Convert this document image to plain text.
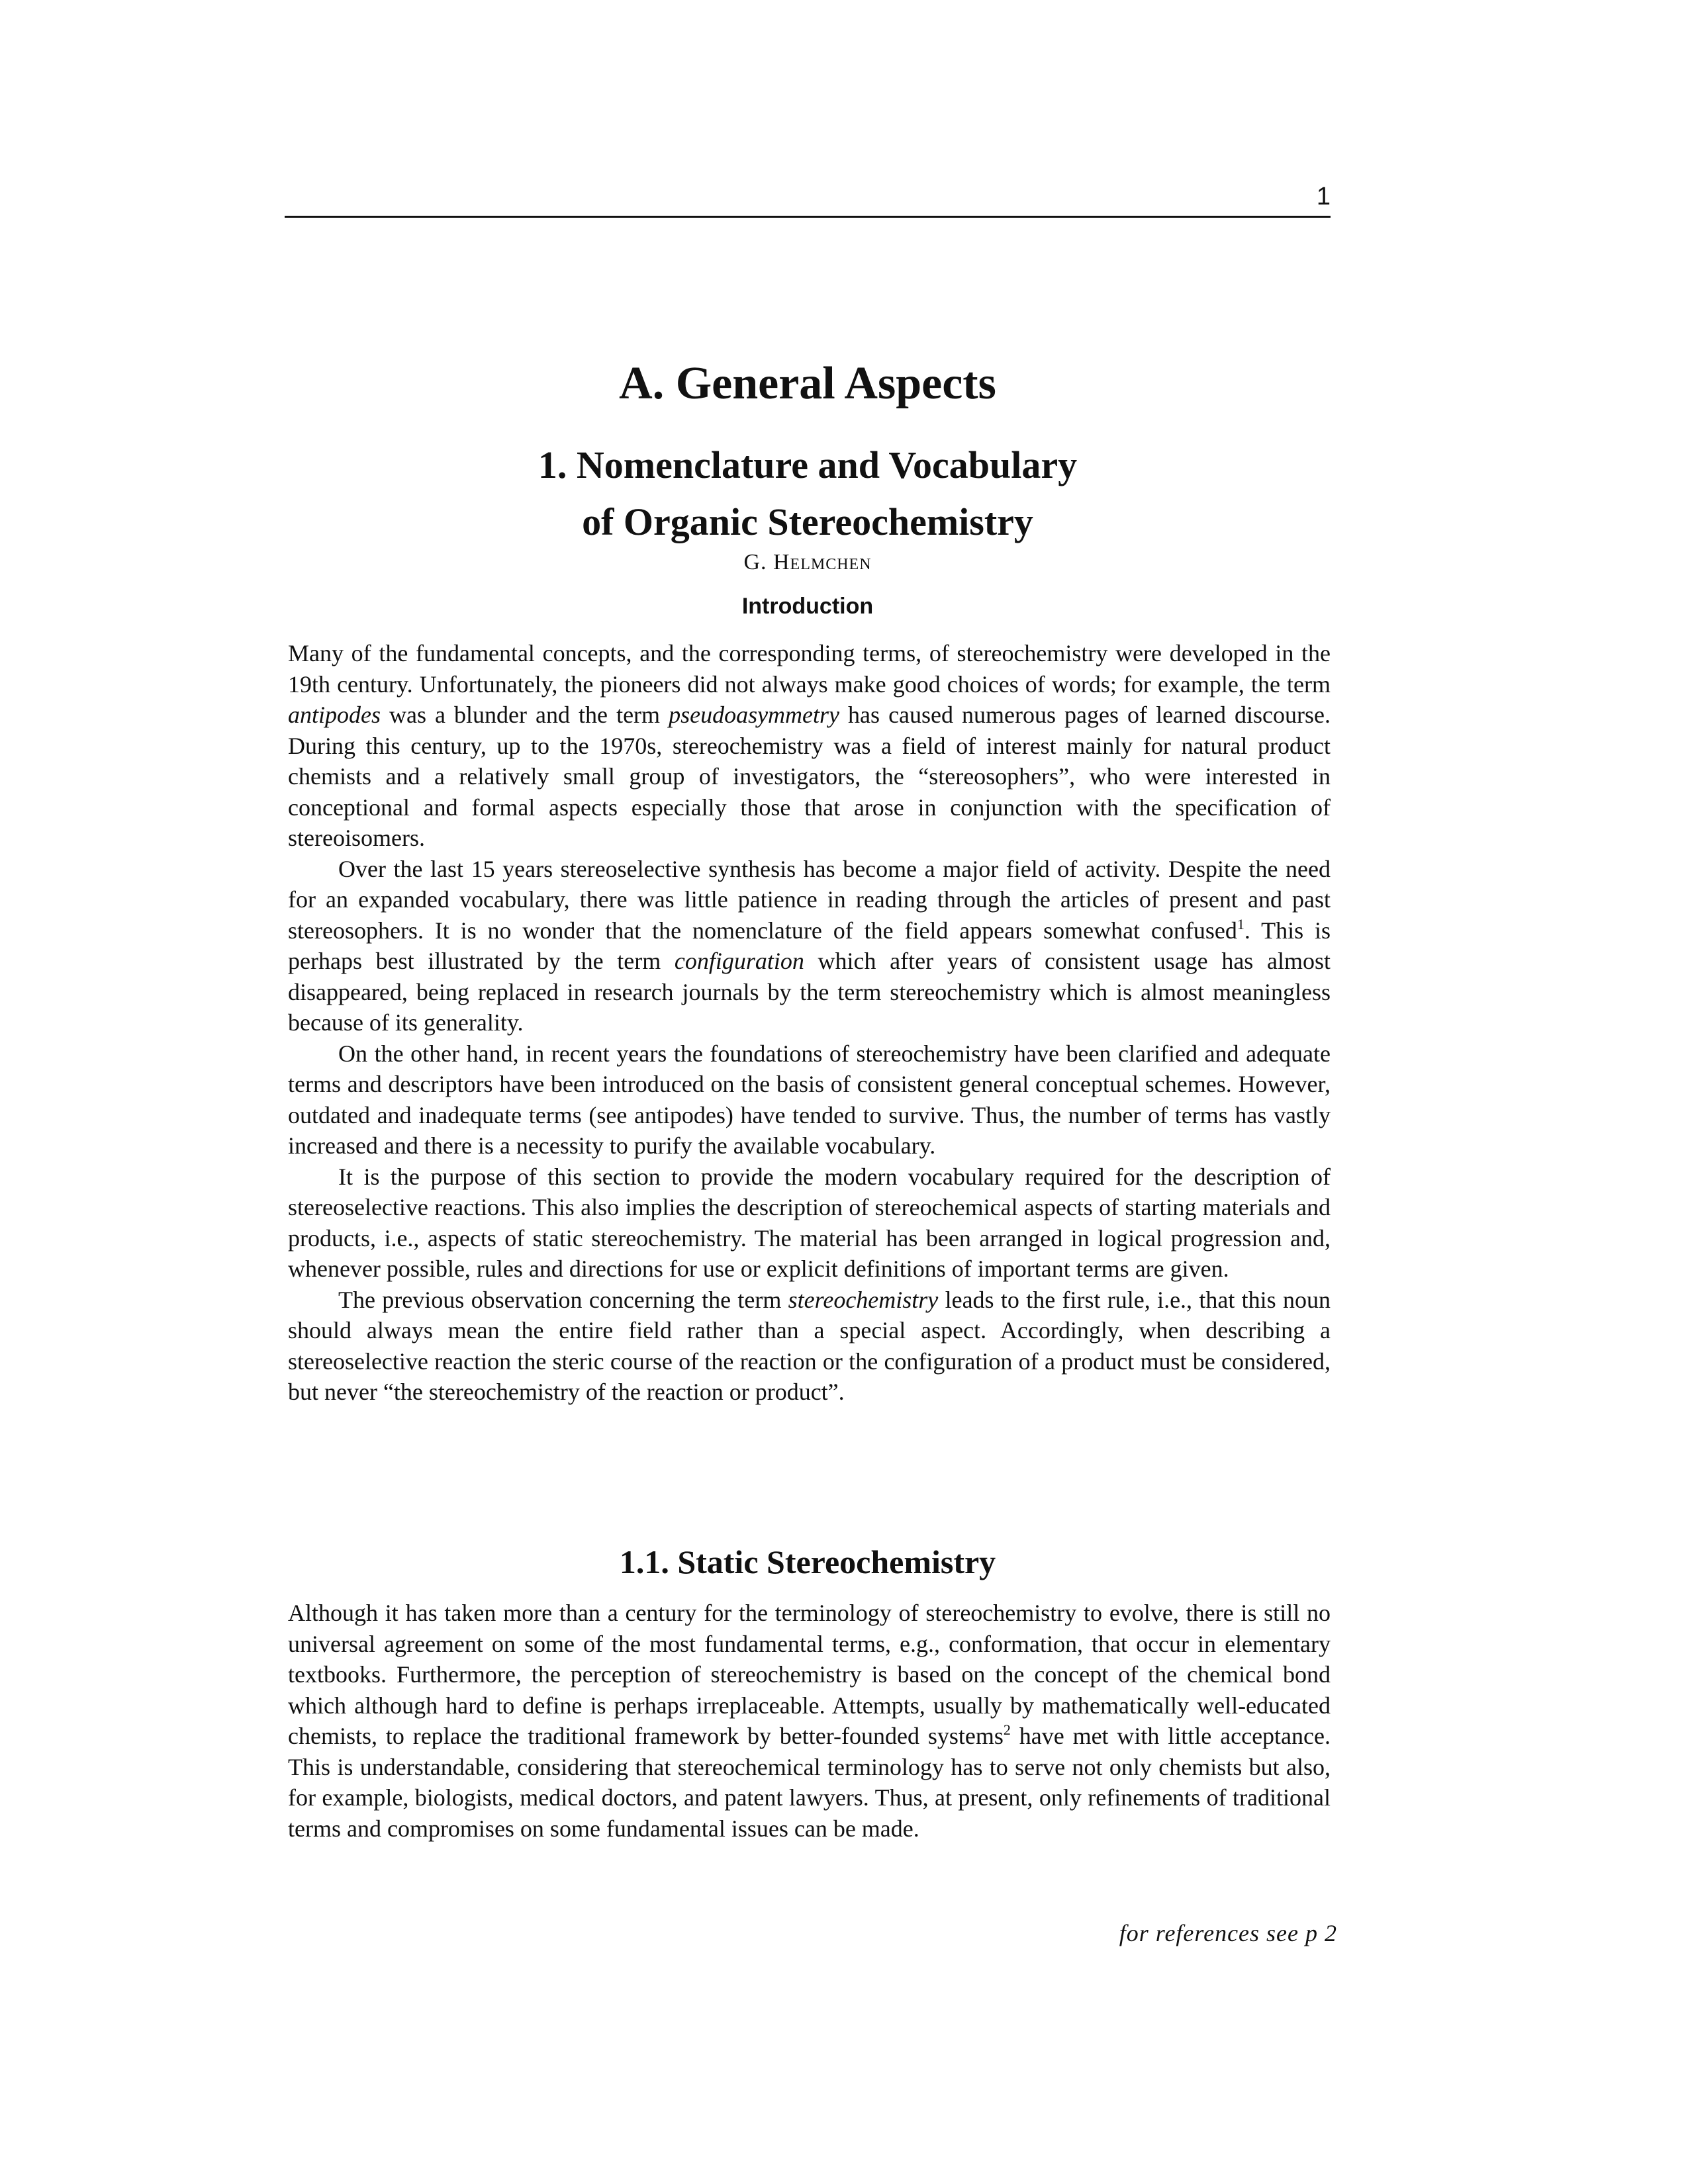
1
A. General Aspects
1. Nomenclature and Vocabulary
of Organic Stereochemistry
G. Helmchen
Introduction

Many of the fundamental concepts, and the corresponding terms, of stereochemistry were developed in the 19th century. Unfortunately, the pioneers did not always make good choices of words; for example, the term antipodes was a blunder and the term pseudoasymmetry has caused numerous pages of learned discourse. During this century, up to the 1970s, stereochemistry was a field of interest mainly for natural product chemists and a relatively small group of investigators, the “stereosophers”, who were interested in conceptional and formal aspects especially those that arose in conjunction with the specification of stereoisomers.

Over the last 15 years stereoselective synthesis has become a major field of activity. Despite the need for an expanded vocabulary, there was little patience in reading through the articles of present and past stereosophers. It is no wonder that the nomenclature of the field appears somewhat confused$^1$. This is perhaps best illustrated by the term configuration which after years of consistent usage has almost disappeared, being replaced in research journals by the term stereochemistry which is almost meaningless because of its generality.

On the other hand, in recent years the foundations of stereochemistry have been clarified and adequate terms and descriptors have been introduced on the basis of consistent general conceptual schemes. However, outdated and inadequate terms (see antipodes) have tended to survive. Thus, the number of terms has vastly increased and there is a necessity to purify the available vocabulary.

It is the purpose of this section to provide the modern vocabulary required for the description of stereoselective reactions. This also implies the description of stereochemical aspects of starting materials and products, i.e., aspects of static stereochemistry. The material has been arranged in logical progression and, whenever possible, rules and directions for use or explicit definitions of important terms are given.

The previous observation concerning the term stereochemistry leads to the first rule, i.e., that this noun should always mean the entire field rather than a special aspect. Accordingly, when describing a stereoselective reaction the steric course of the reaction or the configuration of a product must be considered, but never “the stereochemistry of the reaction or product”.

1.1. Static Stereochemistry

Although it has taken more than a century for the terminology of stereochemistry to evolve, there is still no universal agreement on some of the most fundamental terms, e.g., conformation, that occur in elementary textbooks. Furthermore, the perception of stereochemistry is based on the concept of the chemical bond which although hard to define is perhaps irreplaceable. Attempts, usually by mathematically well-educated chemists, to replace the traditional framework by better-founded systems$^2$ have met with little acceptance. This is understandable, considering that stereochemical terminology has to serve not only chemists but also, for example, biologists, medical doctors, and patent lawyers. Thus, at present, only refinements of traditional terms and compromises on some fundamental issues can be made.

for references see p 2
